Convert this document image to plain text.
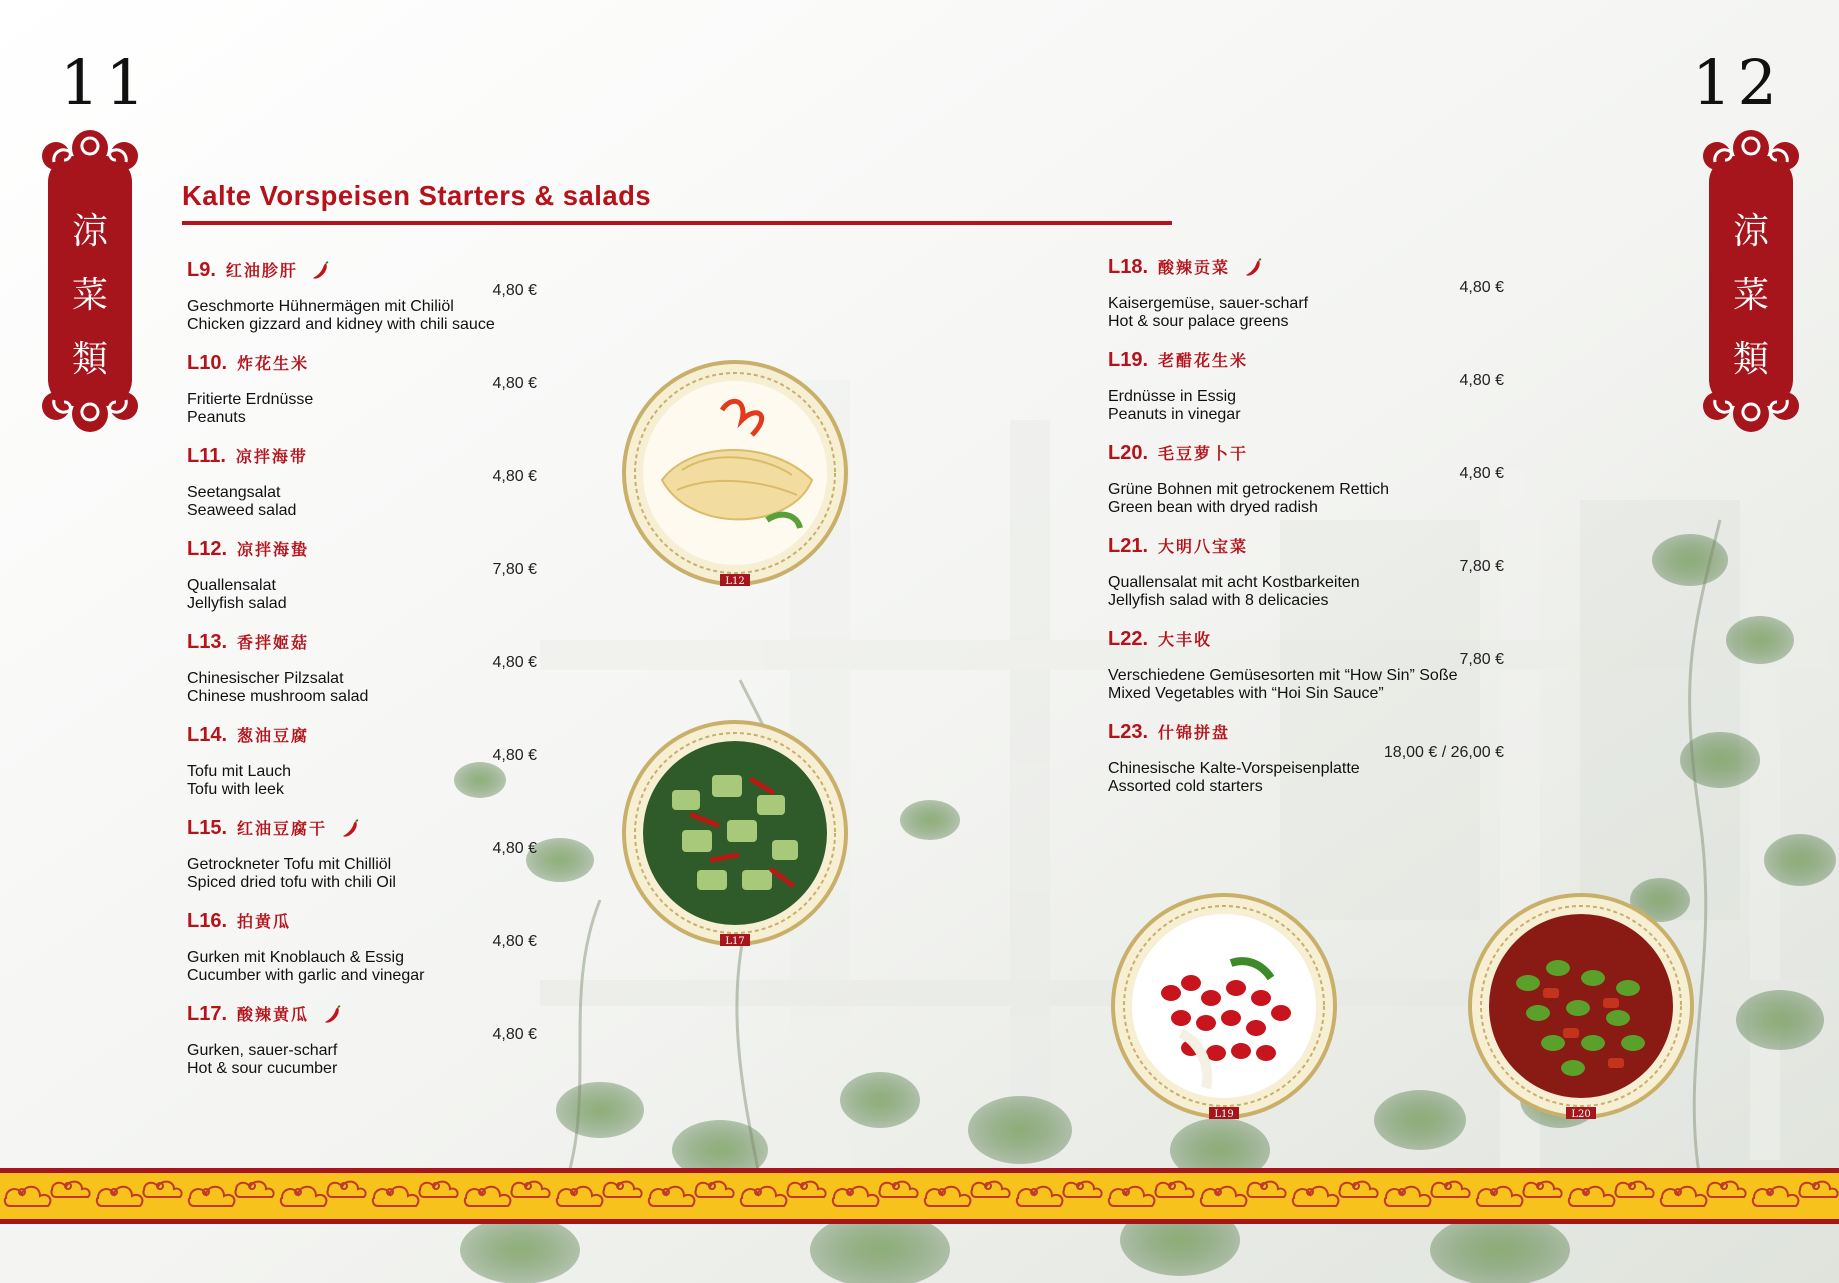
11	12
涼
菜
類
涼
菜
類
Kalte Vorspeisen Starters & salads
L9. 红油胗肝
4,80 €
Geschmorte Hühnermägen mit Chiliöl
Chicken gizzard and kidney with chili sauce
L10. 炸花生米
4,80 €
Fritierte Erdnüsse
Peanuts
L11. 凉拌海带
4,80 €
Seetangsalat
Seaweed salad
L12. 凉拌海蛰
7,80 €
Quallensalat
Jellyfish salad
L13. 香拌姬菇
4,80 €
Chinesischer Pilzsalat
Chinese mushroom salad
L14. 葱油豆腐
4,80 €
Tofu mit Lauch
Tofu with leek
L15. 红油豆腐干
4,80 €
Getrockneter Tofu mit Chilliöl
Spiced dried tofu with chili Oil
L16. 拍黄瓜
4,80 €
Gurken mit Knoblauch & Essig
Cucumber with garlic and vinegar
L17. 酸辣黄瓜
4,80 €
Gurken, sauer-scharf
Hot & sour cucumber
L18. 酸辣贡菜
4,80 €
Kaisergemüse, sauer-scharf
Hot & sour palace greens
L19. 老醋花生米
4,80 €
Erdnüsse in Essig
Peanuts in vinegar
L20. 毛豆萝卜干
4,80 €
Grüne Bohnen mit getrockenem Rettich
Green bean with dryed radish
L21. 大明八宝菜
7,80 €
Quallensalat mit acht Kostbarkeiten
Jellyfish salad with 8 delicacies
L22. 大丰收
7,80 €
Verschiedene Gemüsesorten mit “How Sin” Soße
Mixed Vegetables with “Hoi Sin Sauce”
L23. 什锦拼盘
18,00 € / 26,00 €
Chinesische Kalte-Vorspeisenplatte
Assorted cold starters
L12
L17
L19	L20
